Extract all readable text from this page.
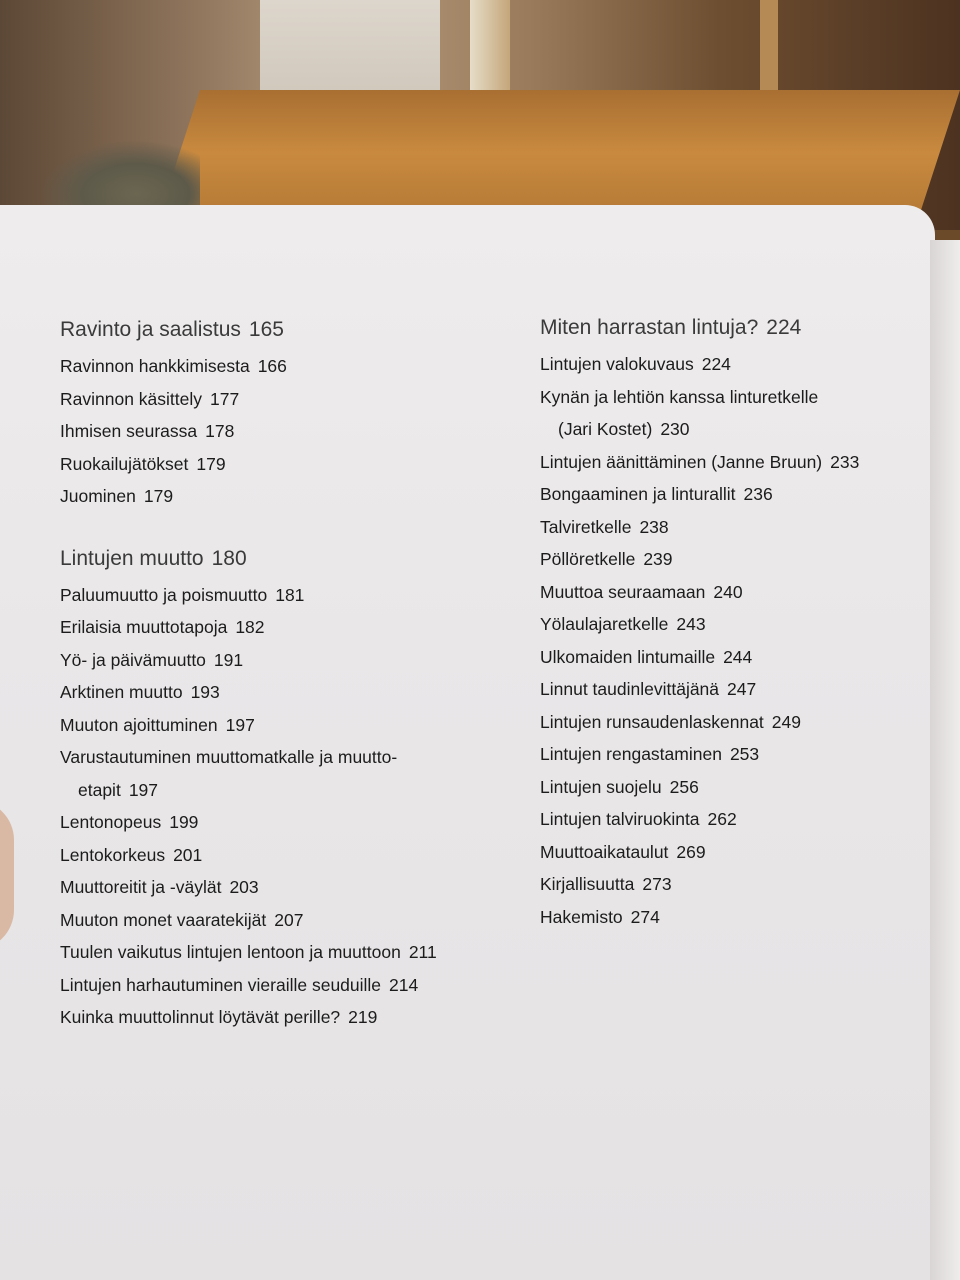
Ravinto ja saalistus 165
Ravinnon hankkimisesta 166
Ravinnon käsittely 177
Ihmisen seurassa 178
Ruokailujätökset 179
Juominen 179
Lintujen muutto 180
Paluumuutto ja poismuutto 181
Erilaisia muuttotapoja 182
Yö- ja päivämuutto 191
Arktinen muutto 193
Muuton ajoittuminen 197
Varustautuminen muuttomatkalle ja muutto-
etapit 197
Lentonopeus 199
Lentokorkeus 201
Muuttoreitit ja -väylät 203
Muuton monet vaaratekijät 207
Tuulen vaikutus lintujen lentoon ja muuttoon 211
Lintujen harhautuminen vieraille seuduille 214
Kuinka muuttolinnut löytävät perille? 219
Miten harrastan lintuja? 224
Lintujen valokuvaus 224
Kynän ja lehtiön kanssa linturetkelle
(Jari Kostet) 230
Lintujen äänittäminen (Janne Bruun) 233
Bongaaminen ja linturallit 236
Talviretkelle 238
Pöllöretkelle 239
Muuttoa seuraamaan 240
Yölaulajaretkelle 243
Ulkomaiden lintumaille 244
Linnut taudinlevittäjänä 247
Lintujen runsaudenlaskennat 249
Lintujen rengastaminen 253
Lintujen suojelu 256
Lintujen talviruokinta 262
Muuttoaikataulut 269
Kirjallisuutta 273
Hakemisto 274
